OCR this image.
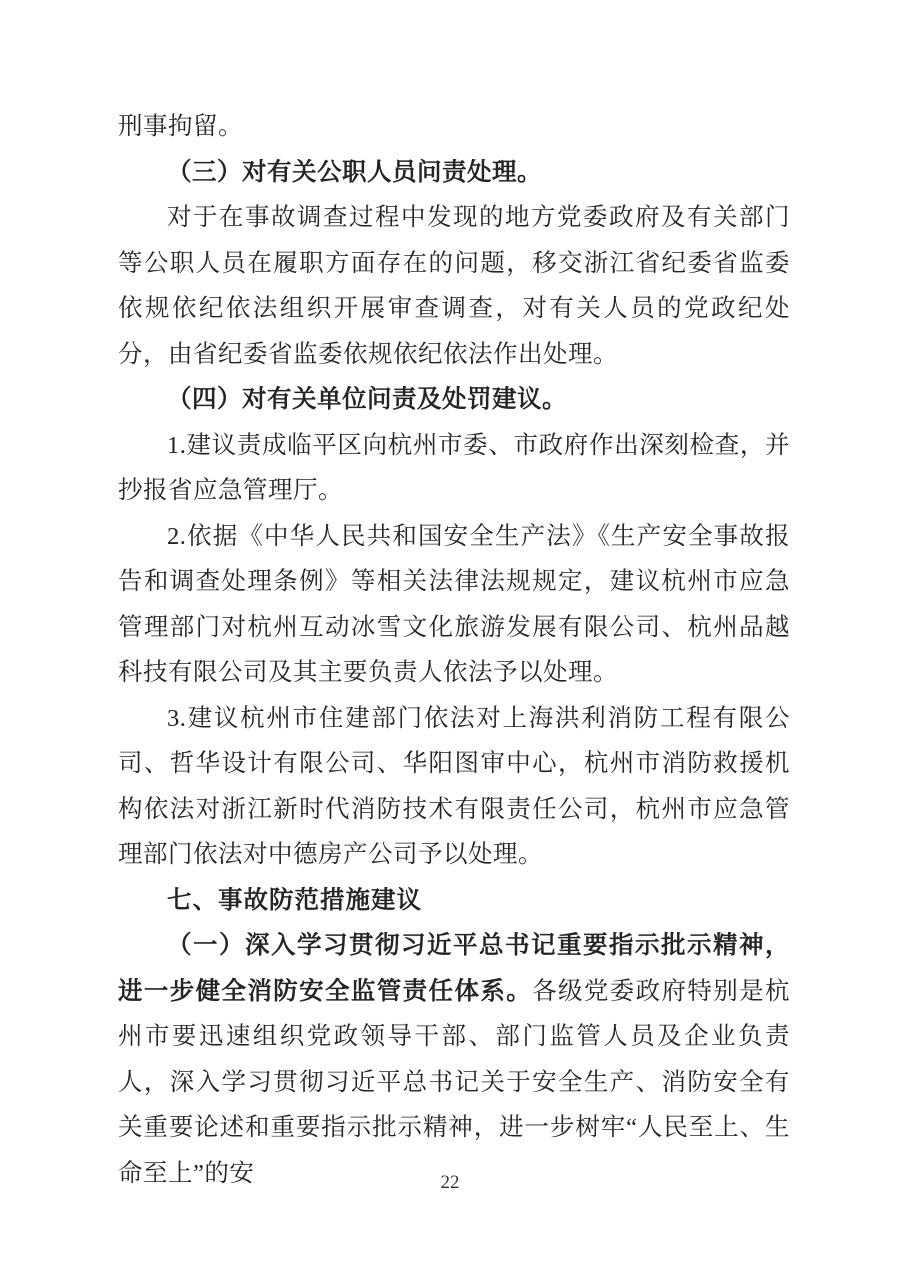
刑事拘留。

（三）对有关公职人员问责处理。

对于在事故调查过程中发现的地方党委政府及有关部门等公职人员在履职方面存在的问题，移交浙江省纪委省监委依规依纪依法组织开展审查调查，对有关人员的党政纪处分，由省纪委省监委依规依纪依法作出处理。

（四）对有关单位问责及处罚建议。

1.建议责成临平区向杭州市委、市政府作出深刻检查，并抄报省应急管理厅。

2.依据《中华人民共和国安全生产法》《生产安全事故报告和调查处理条例》等相关法律法规规定，建议杭州市应急管理部门对杭州互动冰雪文化旅游发展有限公司、杭州品越科技有限公司及其主要负责人依法予以处理。

3.建议杭州市住建部门依法对上海洪利消防工程有限公司、哲华设计有限公司、华阳图审中心，杭州市消防救援机构依法对浙江新时代消防技术有限责任公司，杭州市应急管理部门依法对中德房产公司予以处理。

七、事故防范措施建议

（一）深入学习贯彻习近平总书记重要指示批示精神，进一步健全消防安全监管责任体系。各级党委政府特别是杭州市要迅速组织党政领导干部、部门监管人员及企业负责人，深入学习贯彻习近平总书记关于安全生产、消防安全有关重要论述和重要指示批示精神，进一步树牢“人民至上、生命至上”的安	22
